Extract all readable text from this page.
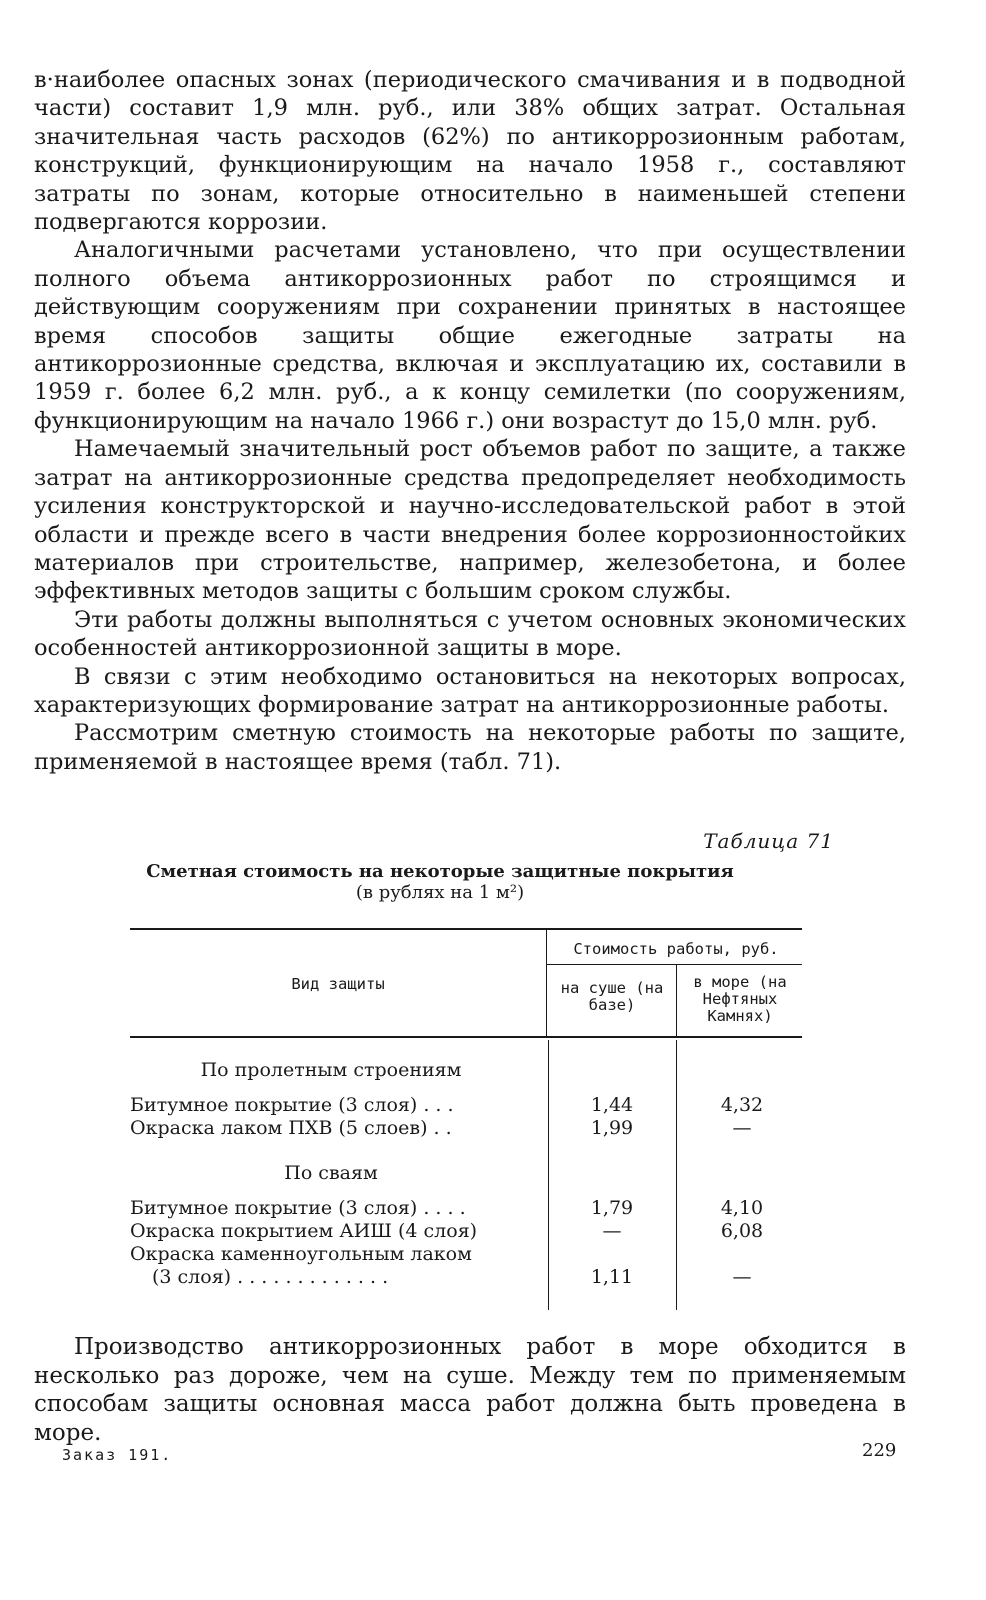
в·наиболее опасных зонах (периодического смачивания и в подводной части) составит 1,9 млн. руб., или 38% общих затрат. Остальная значительная часть расходов (62%) по антикоррозионным работам, конструкций, функционирующим на начало 1958 г., составляют затраты по зонам, которые относительно в наименьшей степени подвергаются коррозии.

Аналогичными расчетами установлено, что при осуществлении полного объема антикоррозионных работ по строящимся и действующим сооружениям при сохранении принятых в настоящее время способов защиты общие ежегодные затраты на антикоррозионные средства, включая и эксплуатацию их, составили в 1959 г. более 6,2 млн. руб., а к концу семилетки (по сооружениям, функционирующим на начало 1966 г.) они возрастут до 15,0 млн. руб.

Намечаемый значительный рост объемов работ по защите, а также затрат на антикоррозионные средства предопределяет необходимость усиления конструкторской и научно-исследовательской работ в этой области и прежде всего в части внедрения более коррозионностойких материалов при строительстве, например, железобетона, и более эффективных методов защиты с большим сроком службы.

Эти работы должны выполняться с учетом основных экономических особенностей антикоррозионной защиты в море.

В связи с этим необходимо остановиться на некоторых вопросах, характеризующих формирование затрат на антикоррозионные работы.

Рассмотрим сметную стоимость на некоторые работы по защите, применяемой в настоящее время (табл. 71).

Таблица 71
Сметная стоимость на некоторые защитные покрытия
(в рублях на 1 м²)
Вид защиты
Стоимость работы, руб.
на суше (на базе)
в море (на Нефтяных Камнях)
По пролетным строениям
Битумное покрытие (3 слоя) . . .	1,44	4,32
Окраска лаком ПХВ (5 слоев) . .	1,99	—
По сваям
Битумное покрытие (3 слоя) . . . .	1,79	4,10
Окраска покрытием АИШ (4 слоя)	—	6,08
Окраска каменноугольным лаком
(3 слоя) . . . . . . . . . . . . .	1,11	—

Производство антикоррозионных работ в море обходится в несколько раз дороже, чем на суше. Между тем по применяемым способам защиты основная масса работ должна быть проведена в море.

Заказ 191.	229
